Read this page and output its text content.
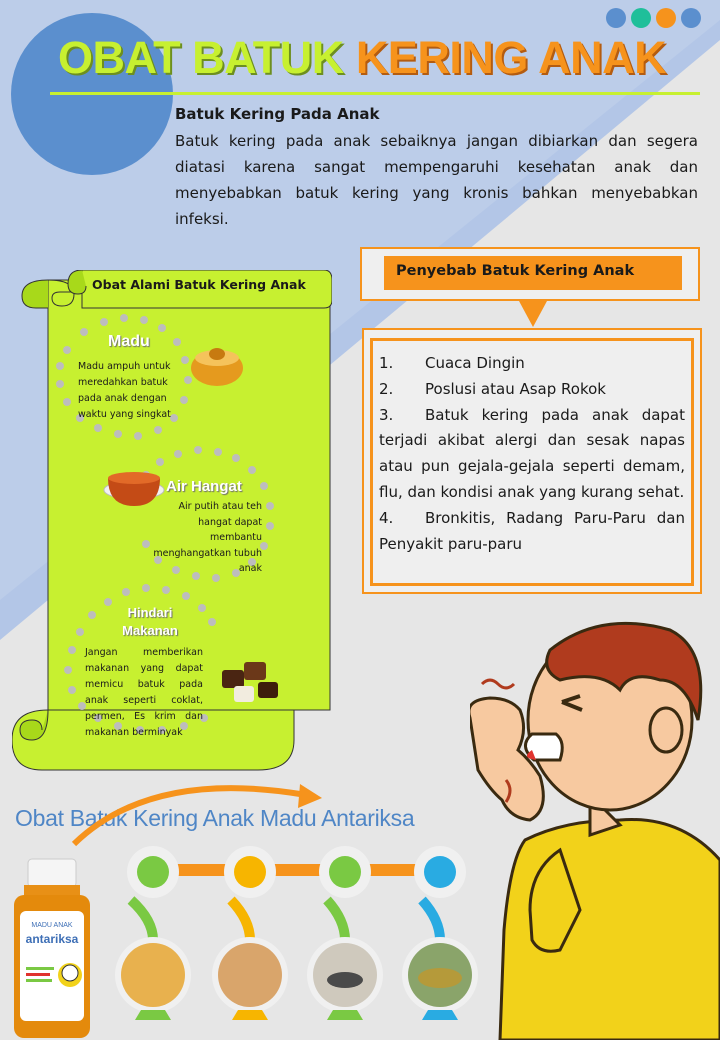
OBAT BATUK KERING ANAK
Batuk Kering Pada Anak
Batuk kering pada anak sebaiknya jangan dibiarkan dan segera diatasi karena sangat mempengaruhi kesehatan anak dan menyebabkan batuk kering yang kronis bahkan menyebabkan infeksi.
Obat Alami Batuk Kering Anak
Madu
Madu ampuh untuk meredahkan batuk pada anak dengan waktu yang singkat
Air Hangat
Air putih atau teh hangat dapat membantu menghangatkan tubuh anak
Hindari
Makanan
Jangan memberikan makanan yang dapat memicu batuk pada anak seperti coklat, permen, Es krim dan makanan berminyak
Penyebab Batuk Kering Anak
1. Cuaca Dingin
2. Poslusi atau Asap Rokok
3. Batuk kering pada anak dapat terjadi akibat alergi dan sesak napas atau pun gejala-gejala seperti demam, flu, dan kondisi anak yang kurang sehat.
4. Bronkitis, Radang Paru-Paru dan Penyakit paru-paru
Obat Batuk Kering Anak Madu Antariksa
MADU ANAK
antariksa
